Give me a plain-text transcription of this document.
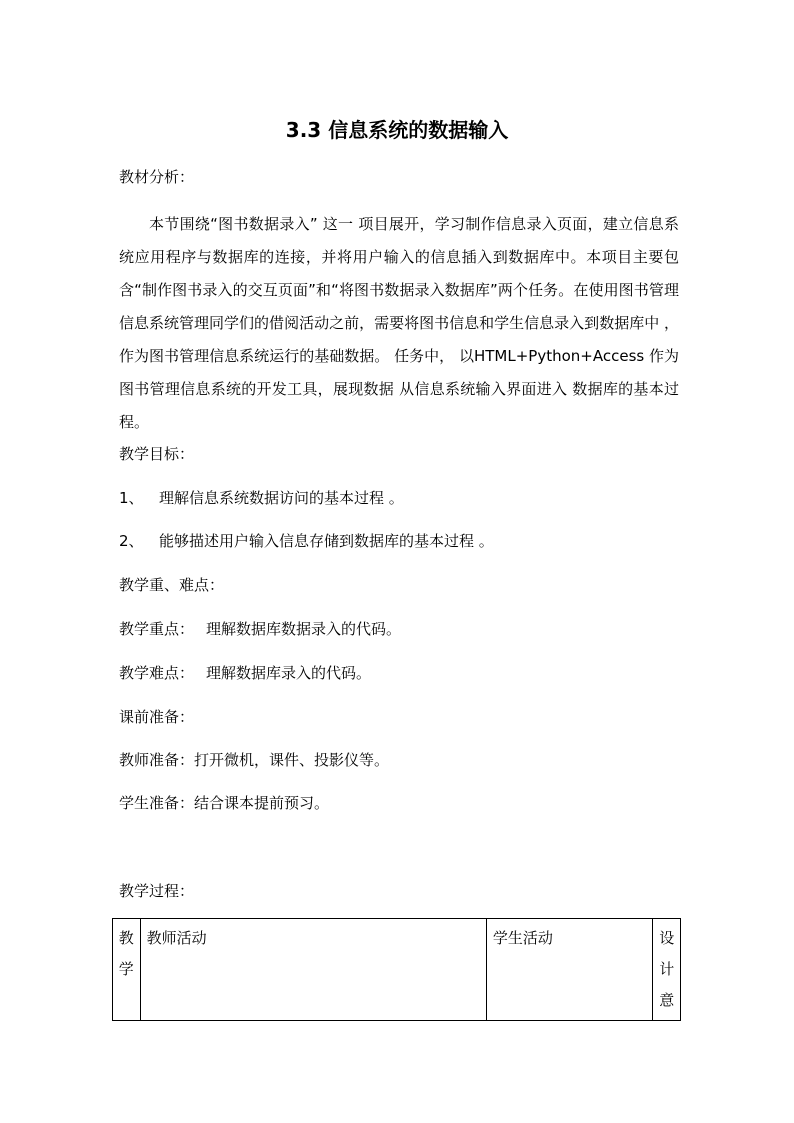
3.3 信息系统的数据输入
教材分析：
本节围绕“图书数据录入” 这一 项目展开，学习制作信息录入页面，建立信息系统应用程序与数据库的连接，并将用户输入的信息插入到数据库中。本项目主要包含“制作图书录入的交互页面”和“将图书数据录入数据库”两个任务。在使用图书管理信息系统管理同学们的借阅活动之前，需要将图书信息和学生信息录入到数据库中 ， 作为图书管理信息系统运行的基础数据。 任务中， 以HTML+Python+Access 作为图书管理信息系统的开发工具，展现数据 从信息系统输入界面进入 数据库的基本过程。
教学目标：
1、 理解信息系统数据访问的基本过程 。
2、 能够描述用户输入信息存储到数据库的基本过程 。
教学重、难点：
教学重点： 理解数据库数据录入的代码。
教学难点： 理解数据库录入的代码。
课前准备：
教师准备：打开微机，课件、投影仪等。
学生准备：结合课本提前预习。
教学过程：
教学	教师活动	学生活动	设计意
